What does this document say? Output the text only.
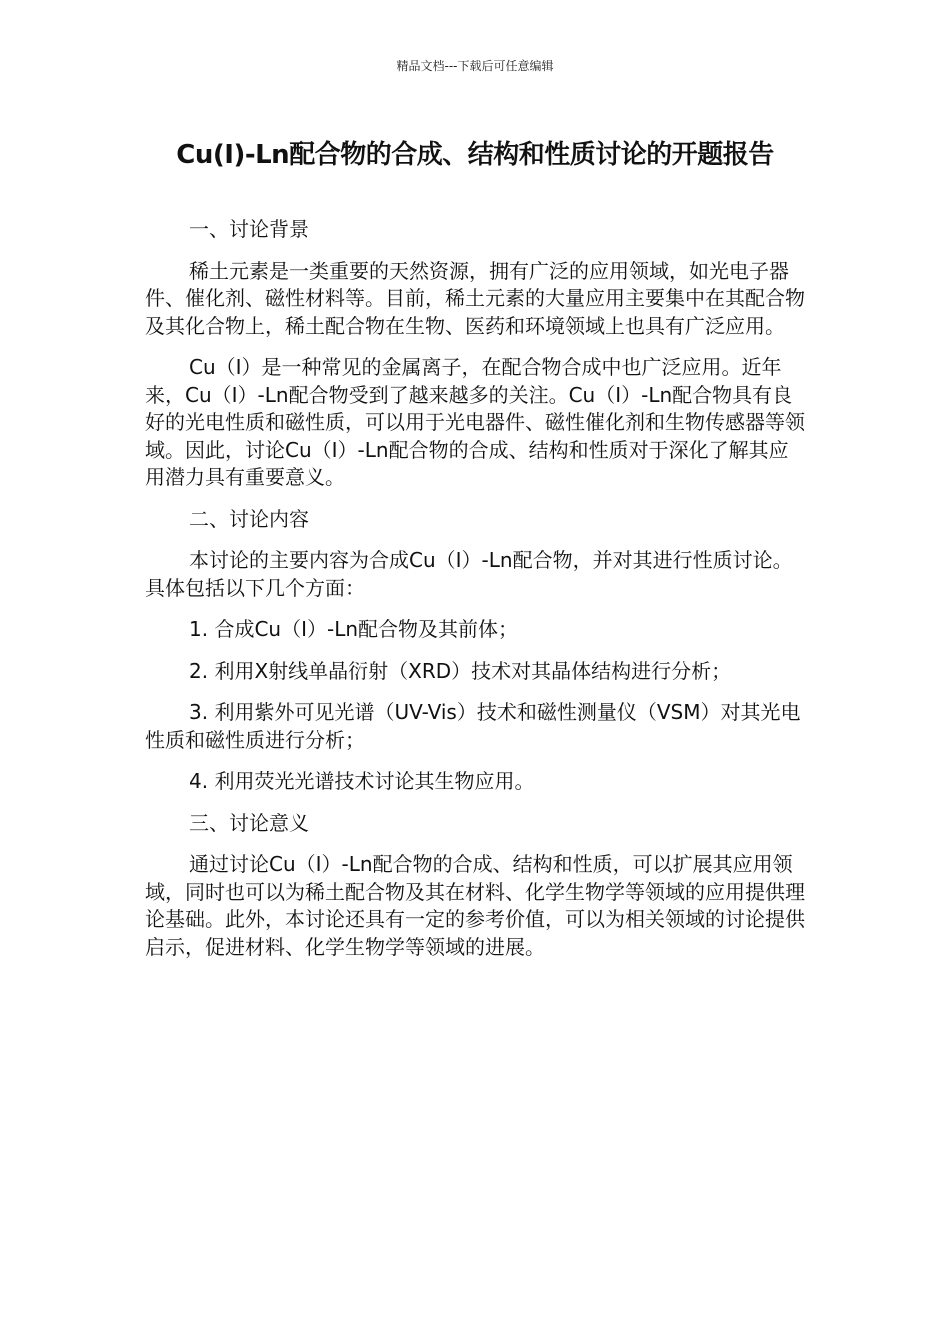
精品文档---下载后可任意编辑
Cu(Ⅰ)-Ln配合物的合成、结构和性质讨论的开题报告

一、讨论背景

稀土元素是一类重要的天然资源，拥有广泛的应用领域，如光电子器件、催化剂、磁性材料等。目前，稀土元素的大量应用主要集中在其配合物及其化合物上，稀土配合物在生物、医药和环境领域上也具有广泛应用。

Cu（Ⅰ）是一种常见的金属离子，在配合物合成中也广泛应用。近年来，Cu（Ⅰ）-Ln配合物受到了越来越多的关注。Cu（Ⅰ）-Ln配合物具有良好的光电性质和磁性质，可以用于光电器件、磁性催化剂和生物传感器等领域。因此，讨论Cu（Ⅰ）-Ln配合物的合成、结构和性质对于深化了解其应用潜力具有重要意义。

二、讨论内容

本讨论的主要内容为合成Cu（Ⅰ）-Ln配合物，并对其进行性质讨论。具体包括以下几个方面：

1. 合成Cu（Ⅰ）-Ln配合物及其前体；

2. 利用X射线单晶衍射（XRD）技术对其晶体结构进行分析；

3. 利用紫外可见光谱（UV-Vis）技术和磁性测量仪（VSM）对其光电性质和磁性质进行分析；

4. 利用荧光光谱技术讨论其生物应用。

三、讨论意义

通过讨论Cu（Ⅰ）-Ln配合物的合成、结构和性质，可以扩展其应用领域，同时也可以为稀土配合物及其在材料、化学生物学等领域的应用提供理论基础。此外，本讨论还具有一定的参考价值，可以为相关领域的讨论提供启示，促进材料、化学生物学等领域的进展。
